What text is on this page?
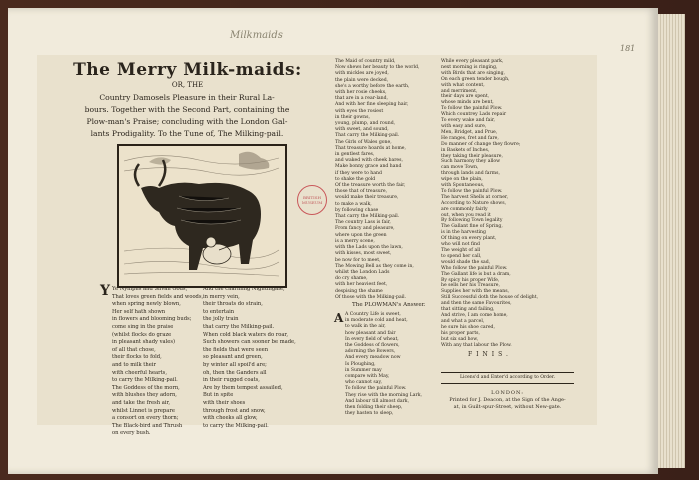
Milkmaids
181
The Merry Milk-maids:
OR, THE
Country Damosels Pleasure in their Rural La-
bours. Together with the Second Part, containing the
Plow-man's Praise; concluding with the London Gal-
lants Prodigality. To the Tune of, The Milking-pail.
BRITISH MUSEUM
Y Ye Nymphs and Silvan Gods,
That loves green fields and woods,
when spring newly blown,
Her self hath shown
in flowers and blooming buds;
come sing in the praise
(whilst flocks do graze
in pleasant shady vales)
of all that chose,
their flocks to fold,
and to milk their
with cheerful hearts,
to carry the Milking-pail.
The Goddess of the morn,
with blushes they adorn,
and take the fresh air,
whilst Linnet is prepare
a consort on every thorn;
The Black-bird and Thrush
on every bush.
And the charming Nightingale,
in merry vein,
their throats do strain,
to entertain
the jolly train
that carry the Milking-pail.
When cold black waters do roar,
Such showers can sooner be made,
the fields that were seen
so pleasant and green,
by winter all spoil'd are;
oh, then the Ganders all
in their rugged coats,
Are by them tempest assailed,
But in spite
with their shoes
through frost and snow,
with cheeks all glow,
to carry the Milking-pail.
The Maid of country mild,
Now shews her beauty to the world,
with mickles are joyed,
the plain were decked,
she's a worthy before the earth,
with her rosie cheeks,
that are in a rear-land,
And with her fine sleeping hair,
with eyes the rosiest
in their gowns,
young, plump, and round,
with sweet, and sound,
That carry the Milking-pail.
The Girls of Wales gone,
That treasure hoards at home,
in gentlest fares,
and waked with cheek bares,
Make bonny grace and hand
if they were to hand
to shake the gold
Of the treasure worth the fair,
those that of treasure,
would make their treasure,
to make a walk,
by following chase
That carry the Milking-pail.
The country Lass is fair,
From fancy and pleasure,
where upon the green
is a merry scene,
with the Lads upon the lawn,
with kisses, most sweet,
be now for to meet,
The Mowing Bell as they come in,
whilst the London Lads
do cry shame,
with her heaviest feet,
despising the shame
Of those with the Milking-pail.
The PLOWMAN's Answer.
A A Country Life is sweet,
in moderate cold and heat,
to walk in the air,
how pleasant and fair
In every field of wheat,
the Goddess of flowers,
adorning the Bowers,
And every meadow now
Is Ploughing,
in Summer may
compare with May,
who cannot say,
To follow the painful Plow.
They rise with the morning Lark,
And labour till almost dark,
then folding their sheep,
they hasten to sleep,
While every pleasant park,
next morning is ringing,
with Birds that are singing,
On each green tender bough,
with what content,
and merriment,
their days are spent,
whose minds are bent,
To follow the painful Plow.
Which countrey Lads repair
To every wake and fair,
with easy and sure,
Men, Bridget, and Prue,
He ranges, fret and fare,
Do manner of change they flowre;
in Baskets of Inches,
they taking their pleasure,
Such harmony they allow
can move Town,
through lands and farms,
wipe on the plain,
with Spontaneous,
To follow the painful Plow.
The harvest Shells at corner,
According to Nature shows,
are commonly fairly
out, when you read it
By following Town legality
The Gallant fine of Spring,
is in the harvesting
Of thing on every plant,
who will not find
The weight of all
to spend her call,
would shade the sad,
Who follow the painful Plow.
The Gallant life is but a dram,
By spicy his proper Wife,
he sells her his Treasure,
Supplies her with the means,
Still Successful doth the house of delight,
and then the same Favourites,
that sitting and failing,
And strive, I am come home,
and what a parcel,
he sure his shoe cared,
his proper parts,
but six sad how,
With any that labour the Plow.
FINIS.
Licens'd and Enter'd according to Order.
LONDON:
Printed for J. Deacon, at the Sign of the Ange-
at, in Guilt-spur-Street, without New-gate.
